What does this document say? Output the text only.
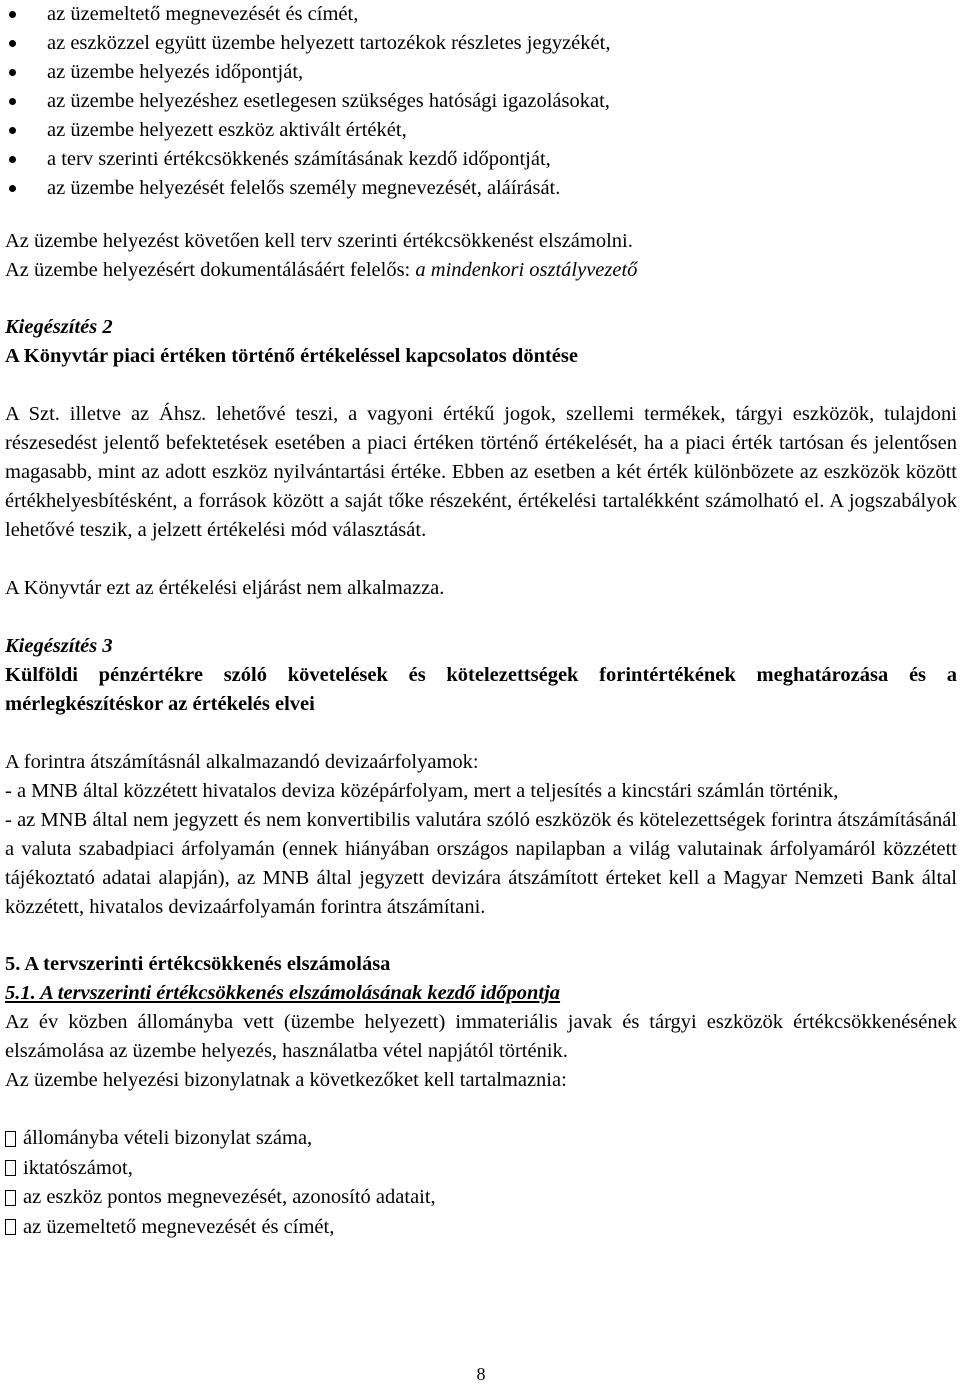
az üzemeltető megnevezését és címét,
az eszközzel együtt üzembe helyezett tartozékok részletes jegyzékét,
az üzembe helyezés időpontját,
az üzembe helyezéshez esetlegesen szükséges hatósági igazolásokat,
az üzembe helyezett eszköz aktivált értékét,
a terv szerinti értékcsökkenés számításának kezdő időpontját,
az üzembe helyezését felelős személy megnevezését, aláírását.

Az üzembe helyezést követően kell terv szerinti értékcsökkenést elszámolni.

Az üzembe helyezésért dokumentálásáért felelős: a mindenkori osztályvezető

Kiegészítés 2

A Könyvtár piaci értéken történő értékeléssel kapcsolatos döntése

A Szt. illetve az Áhsz. lehetővé teszi, a vagyoni értékű jogok, szellemi termékek, tárgyi eszközök, tulajdoni részesedést jelentő befektetések esetében a piaci értéken történő értékelését, ha a piaci érték tartósan és jelentősen magasabb, mint az adott eszköz nyilvántartási értéke. Ebben az esetben a két érték különbözete az eszközök között értékhelyesbítésként, a források között a saját tőke részeként, értékelési tartalékként számolható el. A jogszabályok lehetővé teszik, a jelzett értékelési mód választását.

A Könyvtár ezt az értékelési eljárást nem alkalmazza.

Kiegészítés 3

Külföldi pénzértékre szóló követelések és kötelezettségek forintértékének meghatározása és a mérlegkészítéskor az értékelés elvei

A forintra átszámításnál alkalmazandó devizaárfolyamok:

- a MNB által közzétett hivatalos deviza középárfolyam, mert a teljesítés a kincstári számlán történik,

- az MNB által nem jegyzett és nem konvertibilis valutára szóló eszközök és kötelezettségek forintra átszámításánál a valuta szabadpiaci árfolyamán (ennek hiányában országos napilapban a világ valutainak árfolyamáról közzétett tájékoztató adatai alapján), az MNB által jegyzett devizára átszámított érteket kell a Magyar Nemzeti Bank által közzétett, hivatalos devizaárfolyamán forintra átszámítani.

5. A tervszerinti értékcsökkenés elszámolása

5.1. A tervszerinti értékcsökkenés elszámolásának kezdő időpontja

Az év közben állományba vett (üzembe helyezett) immateriális javak és tárgyi eszközök értékcsökkenésének elszámolása az üzembe helyezés, használatba vétel napjától történik.

Az üzembe helyezési bizonylatnak a következőket kell tartalmaznia:

állományba vételi bizonylat száma,
iktatószámot,
az eszköz pontos megnevezését, azonosító adatait,
az üzemeltető megnevezését és címét,
8
